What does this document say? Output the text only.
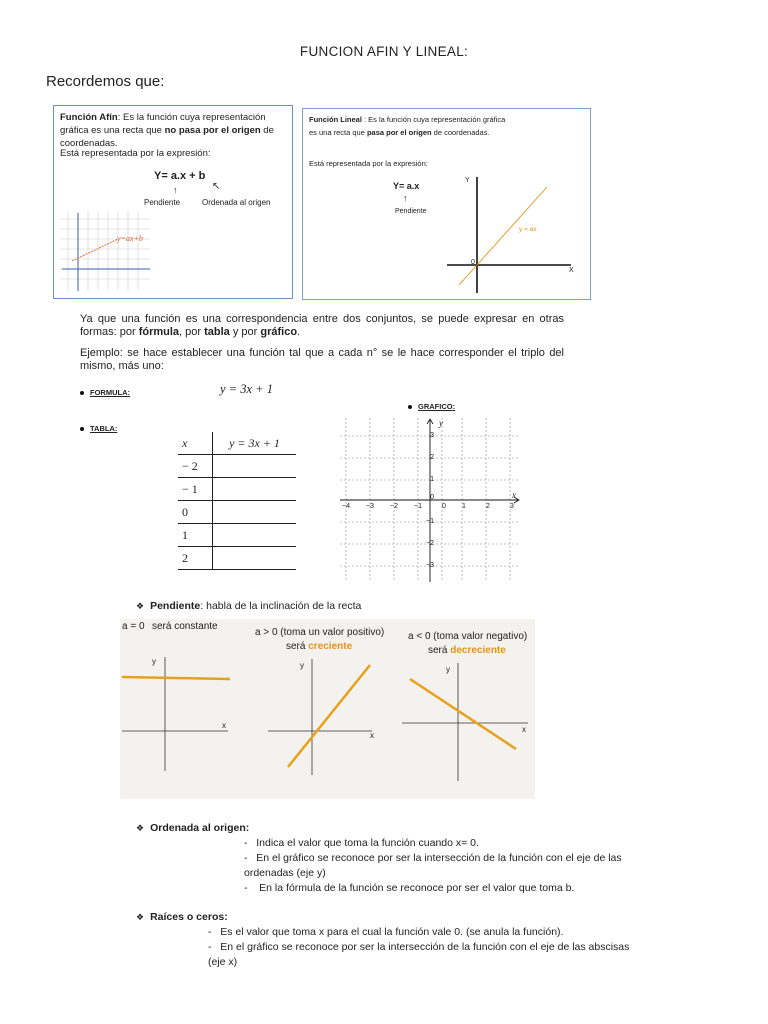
FUNCION AFIN Y LINEAL:
Recordemos que:
Función Afín: Es la función cuya representación gráfica es una recta que no pasa por el origen de coordenadas.
Está representada por la expresión:
Y= a.x + b
↑	↖
Pendiente	Ordenada al origen
y=ax+b
Función Lineal : Es la función cuya representación gráfica es una recta que pasa por el origen de coordenadas.
Está representada por la expresión:
Y= a.x
↑
Pendiente
Y
X
0
y = ax
Ya que una función es una correspondencia entre dos conjuntos, se puede expresar en otras formas: por fórmula, por tabla y por gráfico.
Ejemplo: se hace establecer una función tal que a cada n° se le hace corresponder el triplo del mismo, más uno:
FORMULA:	y = 3x + 1
TABLA:
GRAFICO:
x	y = 3x + 1
− 2	
− 1	
0	
1	
2	
−4 −3 −2 −1	0 1	2	3
3
2
1
0
−1
−2
−3
x
y
❖ Pendiente: habla de la inclinación de la recta
a = 0 será constante
a > 0 (toma un valor positivo)
será creciente
a < 0 (toma valor negativo)
será decreciente
y
x
y
x
y
x
❖ Ordenada al origen:
-   Indica el valor que toma la función cuando x= 0.
-   En el gráfico se reconoce por ser la intersección de la función con el eje de las ordenadas (eje y)
-    En la fórmula de la función se reconoce por ser el valor que toma b.
❖ Raíces o ceros:
-   Es el valor que toma x para el cual la función vale 0. (se anula la función).
-   En el gráfico se reconoce por ser la intersección de la función con el eje de las abscisas (eje x)
